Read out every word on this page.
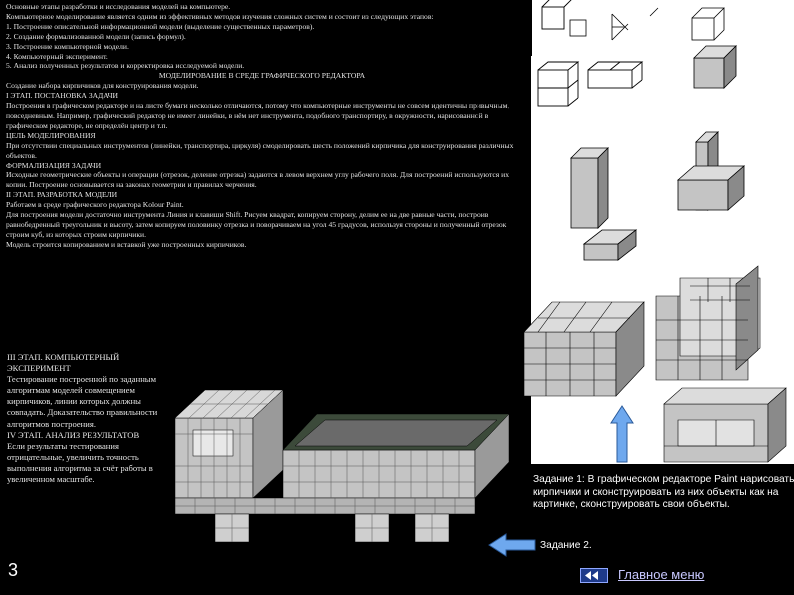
Основные этапы разработки и исследования моделей на компьютере.

Компьютерное моделирование является одним из эффективных методов изучения сложных систем и состоит из следующих этапов:

1. Построение описательной информационной модели (выделение существенных параметров).

2. Создание формализованной модели (запись формул).

3. Построение компьютерной модели.

4. Компьютерный эксперимент.

5. Анализ полученных результатов и корректировка исследуемой модели.

МОДЕЛИРОВАНИЕ В СРЕДЕ ГРАФИЧЕСКОГО РЕДАКТОРА

Создание набора кирпичиков для конструирования модели.

I ЭТАП. ПОСТАНОВКА ЗАДАЧИ

Построения в графическом редакторе и на листе бумаги несколько отличаются, потому что компьютерные инструменты не совсем идентичны привычным, повседневным. Например, графический редактор не имеет линейки, в нём нет инструмента, подобного транспортиру, в окружности, нарисованной в графическом редакторе, не определён центр и т.п.

ЦЕЛЬ МОДЕЛИРОВАНИЯ

При отсутствии специальных инструментов (линейки, транспортира, циркуля) смоделировать шесть положений кирпичика для конструирования различных объектов.

ФОРМАЛИЗАЦИЯ ЗАДАЧИ

Исходные геометрические объекты и операции (отрезок, деление отрезка) задаются в левом верхнем углу рабочего поля. Для построений используются их копии. Построение основывается на законах геометрии и правилах черчения.

II ЭТАП. РАЗРАБОТКА МОДЕЛИ

Работаем в среде графического редактора Kolour Paint.

Для построения модели достаточно инструмента Линия и клавиши Shift. Рисуем квадрат, копируем сторону, делим ее на две равные части, построив равнобедренный треугольник и высоту, затем копируем половинку отрезка и поворачиваем на угол 45 градусов, используя стороны и полученный отрезок строим куб, из которых строим кирпичики.

Модель строится копированием и вставкой уже построенных кирпичиков.

III ЭТАП. КОМПЬЮТЕРНЫЙ ЭКСПЕРИМЕНТ

Тестирование построенной по заданным алгоритмам моделей совмещением кирпичиков, линии которых должны совпадать. Доказательство правильности алгоритмов построения.

IV ЭТАП. АНАЛИЗ РЕЗУЛЬТАТОВ

Если результаты тестирования отрицательные, увеличить точность выполнения алгоритма за счёт работы в увеличенном масштабе.	Задание 1: В графическом редакторе Paint нарисовать кирпичики и сконструировать из них объекты как на картинке, сконструировать свои объекты.
Задание 2.
3	Главное меню
